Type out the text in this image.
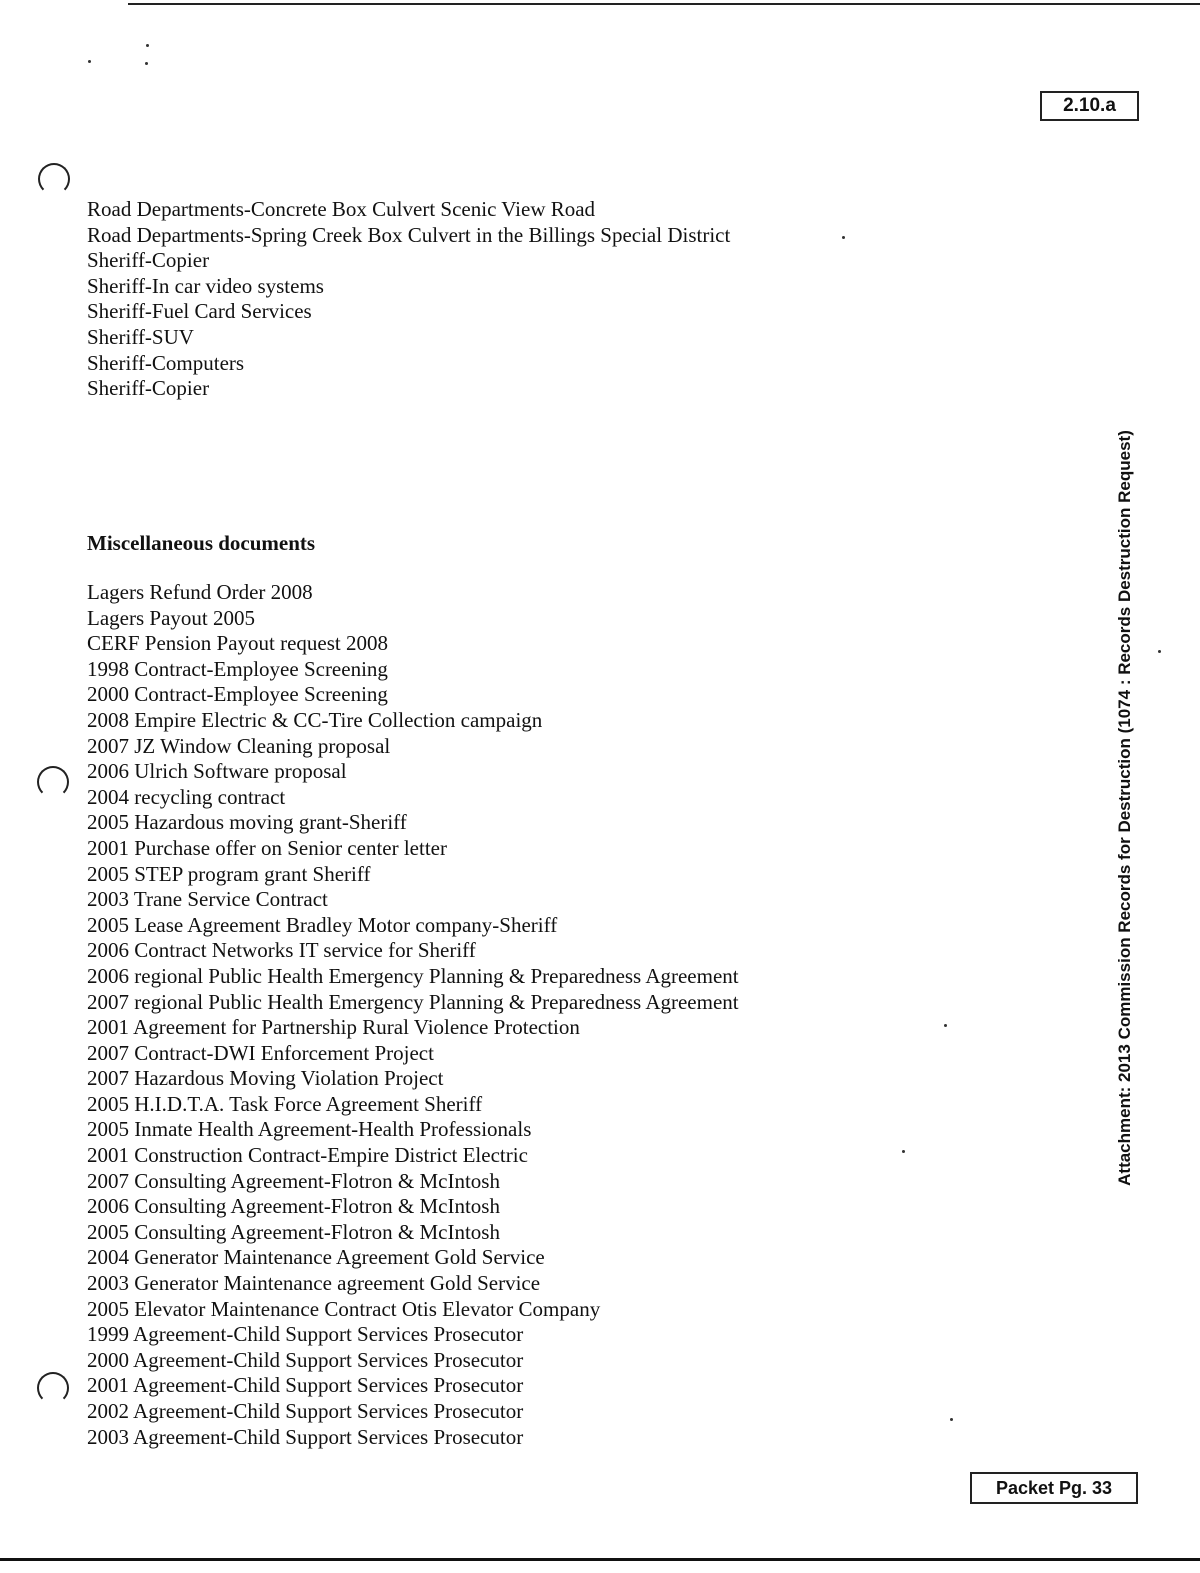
2.10.a
Road Departments-Concrete Box Culvert Scenic View Road
Road Departments-Spring Creek Box Culvert in the Billings Special District
Sheriff-Copier
Sheriff-In car video systems
Sheriff-Fuel Card Services
Sheriff-SUV
Sheriff-Computers
Sheriff-Copier
Miscellaneous documents
Lagers Refund Order 2008
Lagers Payout 2005
CERF Pension Payout request 2008
1998 Contract-Employee Screening
2000 Contract-Employee Screening
2008 Empire Electric & CC-Tire Collection campaign
2007 JZ Window Cleaning proposal
2006 Ulrich Software proposal
2004 recycling contract
2005 Hazardous moving grant-Sheriff
2001 Purchase offer on Senior center letter
2005 STEP program grant Sheriff
2003 Trane Service Contract
2005 Lease Agreement Bradley Motor company-Sheriff
2006 Contract Networks IT service for Sheriff
2006 regional Public Health Emergency Planning & Preparedness Agreement
2007 regional Public Health Emergency Planning & Preparedness Agreement
2001 Agreement for Partnership Rural Violence Protection
2007 Contract-DWI Enforcement Project
2007 Hazardous Moving Violation Project
2005 H.I.D.T.A. Task Force Agreement Sheriff
2005 Inmate Health Agreement-Health Professionals
2001 Construction Contract-Empire District Electric
2007 Consulting Agreement-Flotron & McIntosh
2006 Consulting Agreement-Flotron & McIntosh
2005 Consulting Agreement-Flotron & McIntosh
2004 Generator Maintenance Agreement Gold Service
2003 Generator Maintenance agreement Gold Service
2005 Elevator Maintenance Contract Otis Elevator Company
1999 Agreement-Child Support Services Prosecutor
2000 Agreement-Child Support Services Prosecutor
2001 Agreement-Child Support Services Prosecutor
2002 Agreement-Child Support Services Prosecutor
2003 Agreement-Child Support Services Prosecutor
Attachment: 2013 Commission Records for Destruction (1074 : Records Destruction Request)
Packet Pg. 33
